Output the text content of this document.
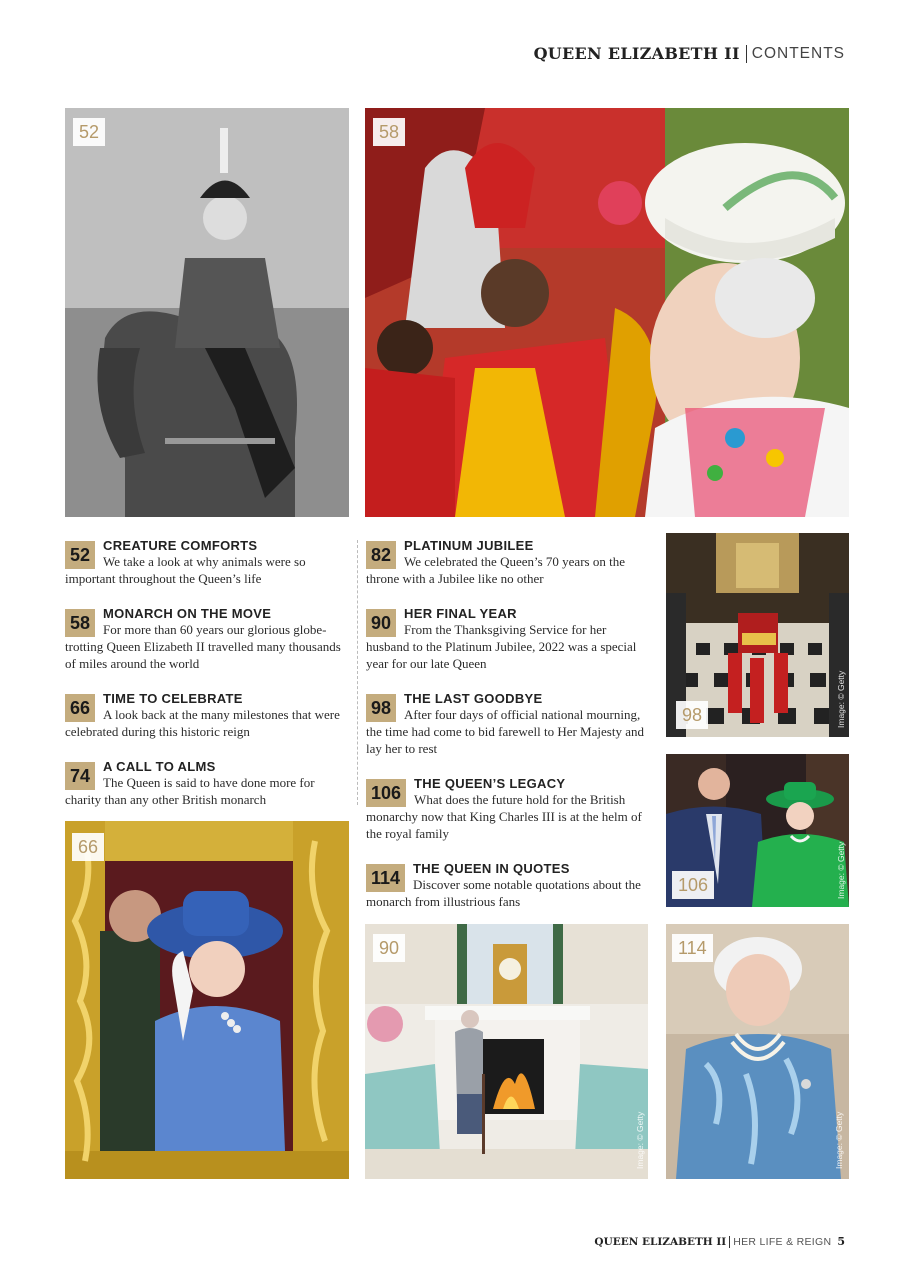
QUEEN ELIZABETH II CONTENTS
52	58
52	CREATURE COMFORTS
We take a look at why animals were so important throughout the Queen’s life
58	MONARCH ON THE MOVE
For more than 60 years our glorious globe-trotting Queen Elizabeth II travelled many thousands of miles around the world
66	TIME TO CELEBRATE
A look back at the many milestones that were celebrated during this historic reign
74	A CALL TO ALMS
The Queen is said to have done more for charity than any other British monarch
82	PLATINUM JUBILEE
We celebrated the Queen’s 70 years on the throne with a Jubilee like no other
90	HER FINAL YEAR
From the Thanksgiving Service for her husband to the Platinum Jubilee, 2022 was a special year for our late Queen
98	THE LAST GOODBYE
After four days of official national mourning, the time had come to bid farewell to Her Majesty and lay her to rest
106	THE QUEEN’S LEGACY
What does the future hold for the British monarchy now that King Charles III is at the helm of the royal family
114	THE QUEEN IN QUOTES
Discover some notable quotations about the monarch from illustrious fans
98	Image: © Getty
106	Image: © Getty
66
90
Image: © Getty
114
Image: © Getty
QUEEN ELIZABETH II HER LIFE & REIGN 5
